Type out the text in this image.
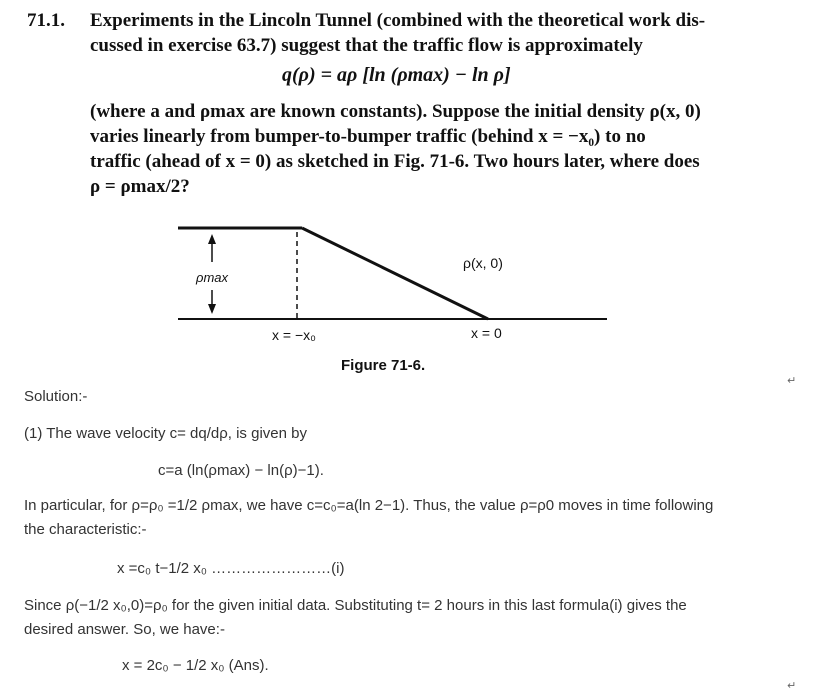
71.1. Experiments in the Lincoln Tunnel (combined with the theoretical work dis-
cussed in exercise 63.7) suggest that the traffic flow is approximately
q(ρ) = aρ [ln (ρmax) − ln ρ]
(where a and ρmax are known constants). Suppose the initial density ρ(x, 0)
varies linearly from bumper-to-bumper traffic (behind x = −x₀) to no
traffic (ahead of x = 0) as sketched in Fig. 71-6. Two hours later, where does
ρ = ρmax/2?
ρmax
ρ(x, 0)
x = −x₀	x = 0
Figure 71-6.
↵
Solution:-
(1) The wave velocity c= dq/dρ, is given by
c=a (ln(ρmax) − ln(ρ)−1).
In particular, for ρ=ρ₀ =1/2 ρmax, we have c=c₀=a(ln 2−1). Thus, the value ρ=ρ0 moves in time following
the characteristic:-
x =c₀ t−1/2 x₀ ……………………(i)
Since ρ(−1/2 x₀,0)=ρ₀ for the given initial data. Substituting t= 2 hours in this last formula(i) gives the
desired answer. So, we have:-
x = 2c₀ − 1/2 x₀ (Ans).
↵
